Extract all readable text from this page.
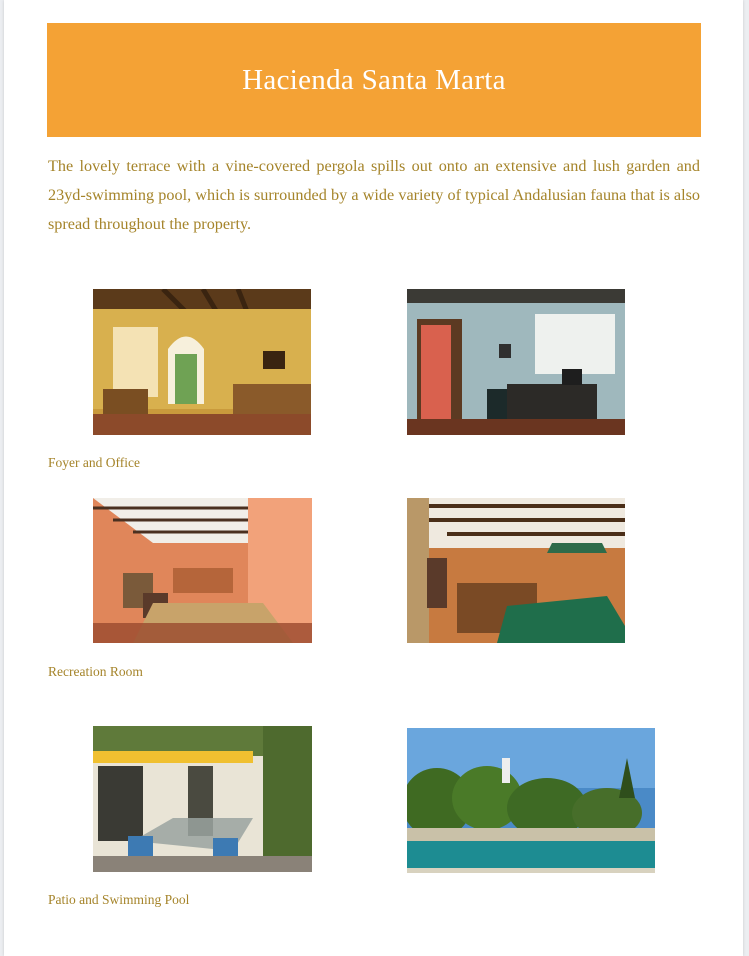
Hacienda Santa Marta

The lovely terrace with a vine-covered pergola spills out onto an extensive and lush garden and 23yd-swimming pool, which is surrounded by a wide variety of typical Andalusian fauna that is also spread throughout the property.

Foyer and Office
Recreation Room
Patio and Swimming Pool
